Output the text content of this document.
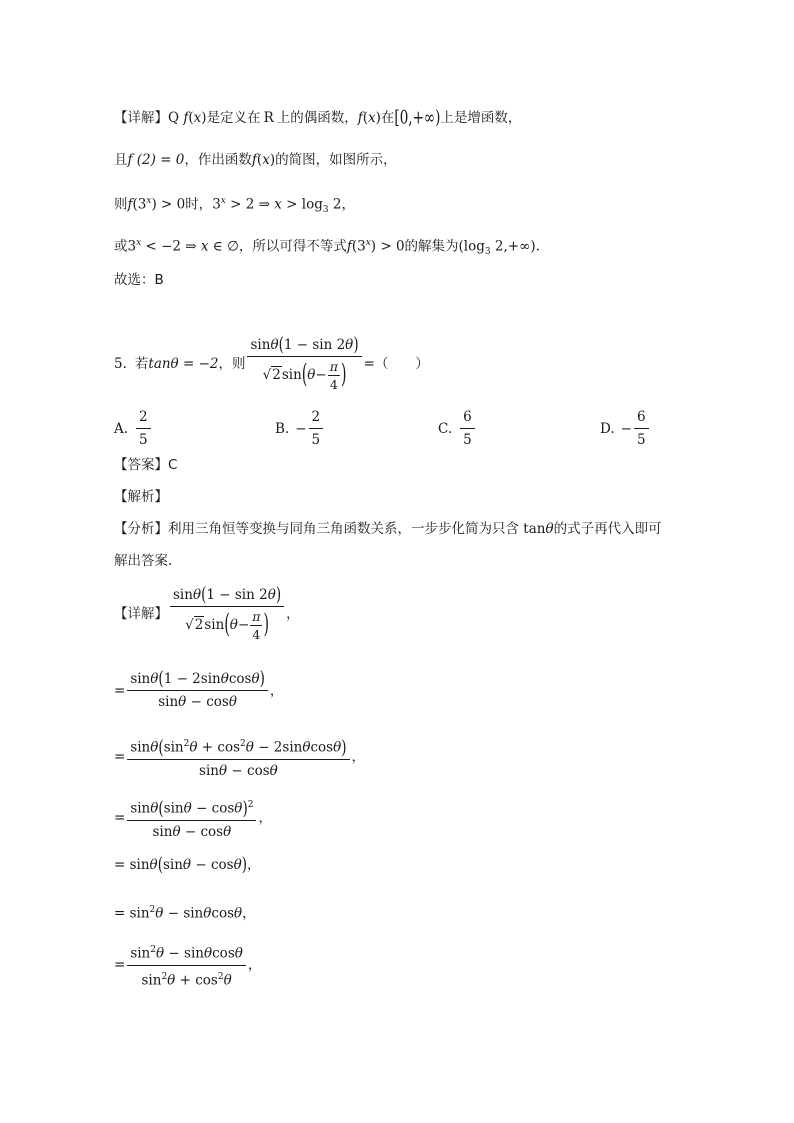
【详解】Q f(x)是定义在 R 上的偶函数，f(x)在[0,+∞)上是增函数，
且f (2) = 0，作出函数f(x)的简图，如图所示，
则$f(3^x) > 0$时，$3^x > 2$ ⇒ $x > \log_3 2$，
或$3^x < -2$ ⇒ x ∈ ∅，所以可得不等式$f(3^x) > 0$的解集为($\log_3$ 2,+∞).
故选：B
5. 若 tanθ = −2 ，则 $\frac{\sin\theta(1 - \sin 2\theta)}{√2\sin(\theta- \frac{\pi}{4} )}$ =（　　）
A. $\frac{2}{5}$	B. − $\frac{2}{5}$	C. $\frac{6}{5}$	D. − $\frac{6}{5}$
【答案】C
【解析】
【分析】利用三角恒等变换与同角三角函数关系，一步步化简为只含 tanθ的式子再代入即可
解出答案.
【详解】 $\frac{\sin\theta(1 - \sin 2\theta)}{√2\sin(\theta- \frac{\pi}{4} )}$ ，
= $\frac{\sin\theta(1 - 2\sin\theta\cos\theta)}{\sin\theta - \cos\theta}$ ，
= $\frac{\sin\theta(\sin^2\theta + \cos^2\theta - 2\sin\theta\cos\theta)}{\sin\theta - \cos\theta}$ ，
= $\frac{\sin\theta(\sin\theta - \cos\theta)^2}{\sin\theta - \cos\theta}$ ，
= sinθ(sinθ − cosθ)，
= $\sin^2\theta - \sin\theta\cos\theta$，
= $\frac{\sin^2\theta - \sin\theta\cos\theta}{\sin^2\theta + \cos^2\theta}$ ，
